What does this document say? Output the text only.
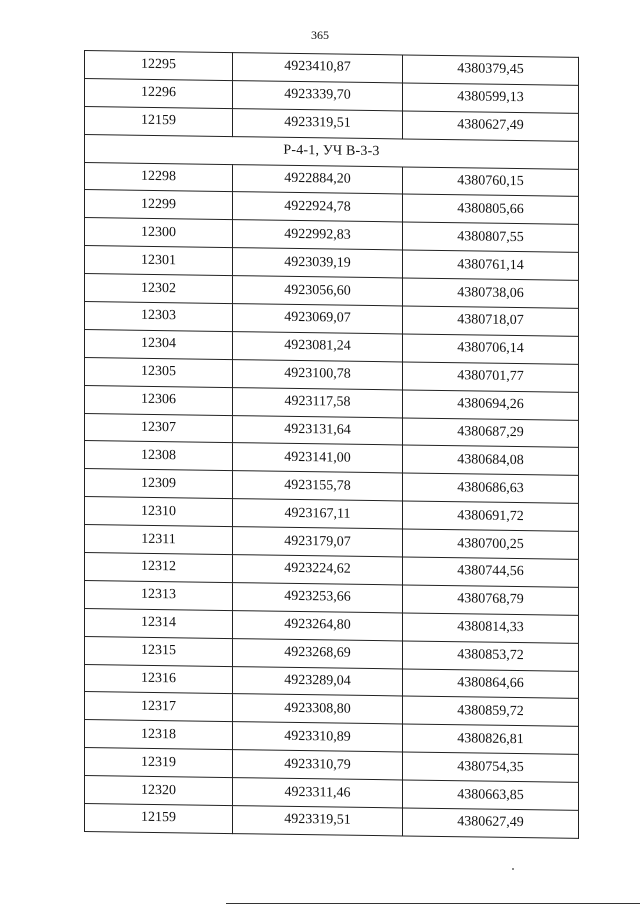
365
12295	4923410,87	4380379,45
12296	4923339,70	4380599,13
12159	4923319,51	4380627,49
Р-4-1, УЧ В-3-3		
12298	4922884,20	4380760,15
12299	4922924,78	4380805,66
12300	4922992,83	4380807,55
12301	4923039,19	4380761,14
12302	4923056,60	4380738,06
12303	4923069,07	4380718,07
12304	4923081,24	4380706,14
12305	4923100,78	4380701,77
12306	4923117,58	4380694,26
12307	4923131,64	4380687,29
12308	4923141,00	4380684,08
12309	4923155,78	4380686,63
12310	4923167,11	4380691,72
12311	4923179,07	4380700,25
12312	4923224,62	4380744,56
12313	4923253,66	4380768,79
12314	4923264,80	4380814,33
12315	4923268,69	4380853,72
12316	4923289,04	4380864,66
12317	4923308,80	4380859,72
12318	4923310,89	4380826,81
12319	4923310,79	4380754,35
12320	4923311,46	4380663,85
12159	4923319,51	4380627,49
